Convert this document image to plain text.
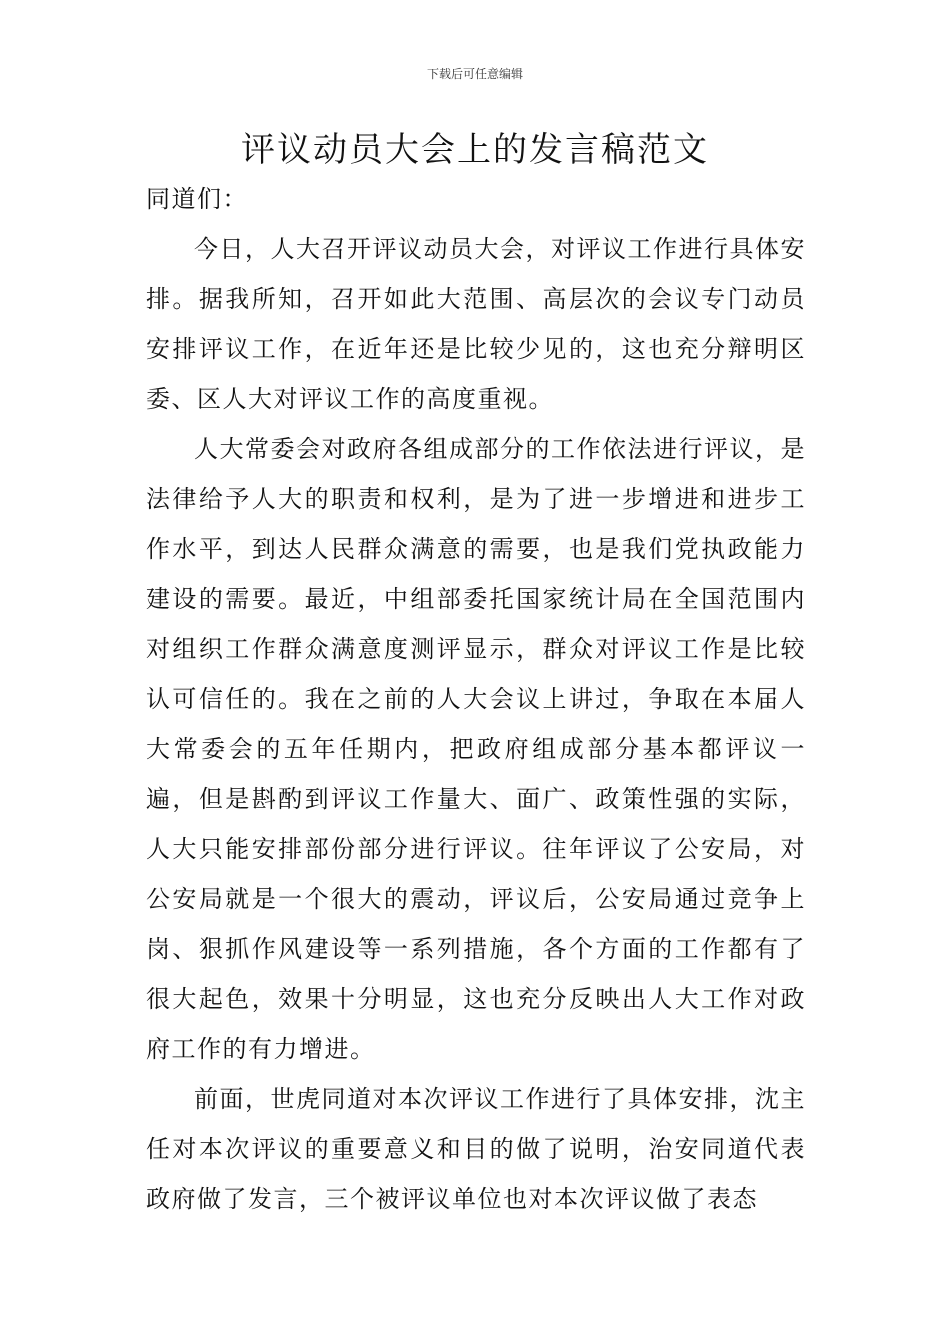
下载后可任意编辑
评议动员大会上的发言稿范文

同道们：

今日，人大召开评议动员大会，对评议工作进行具体安排。据我所知，召开如此大范围、高层次的会议专门动员安排评议工作，在近年还是比较少见的，这也充分辩明区委、区人大对评议工作的高度重视。

人大常委会对政府各组成部分的工作依法进行评议，是法律给予人大的职责和权利，是为了进一步增进和进步工作水平，到达人民群众满意的需要，也是我们党执政能力建设的需要。最近，中组部委托国家统计局在全国范围内对组织工作群众满意度测评显示，群众对评议工作是比较认可信任的。我在之前的人大会议上讲过，争取在本届人大常委会的五年任期内，把政府组成部分基本都评议一遍，但是斟酌到评议工作量大、面广、政策性强的实际，人大只能安排部份部分进行评议。往年评议了公安局，对公安局就是一个很大的震动，评议后，公安局通过竞争上岗、狠抓作风建设等一系列措施，各个方面的工作都有了很大起色，效果十分明显，这也充分反映出人大工作对政府工作的有力增进。

前面，世虎同道对本次评议工作进行了具体安排，沈主任对本次评议的重要意义和目的做了说明，治安同道代表政府做了发言，三个被评议单位也对本次评议做了表态
